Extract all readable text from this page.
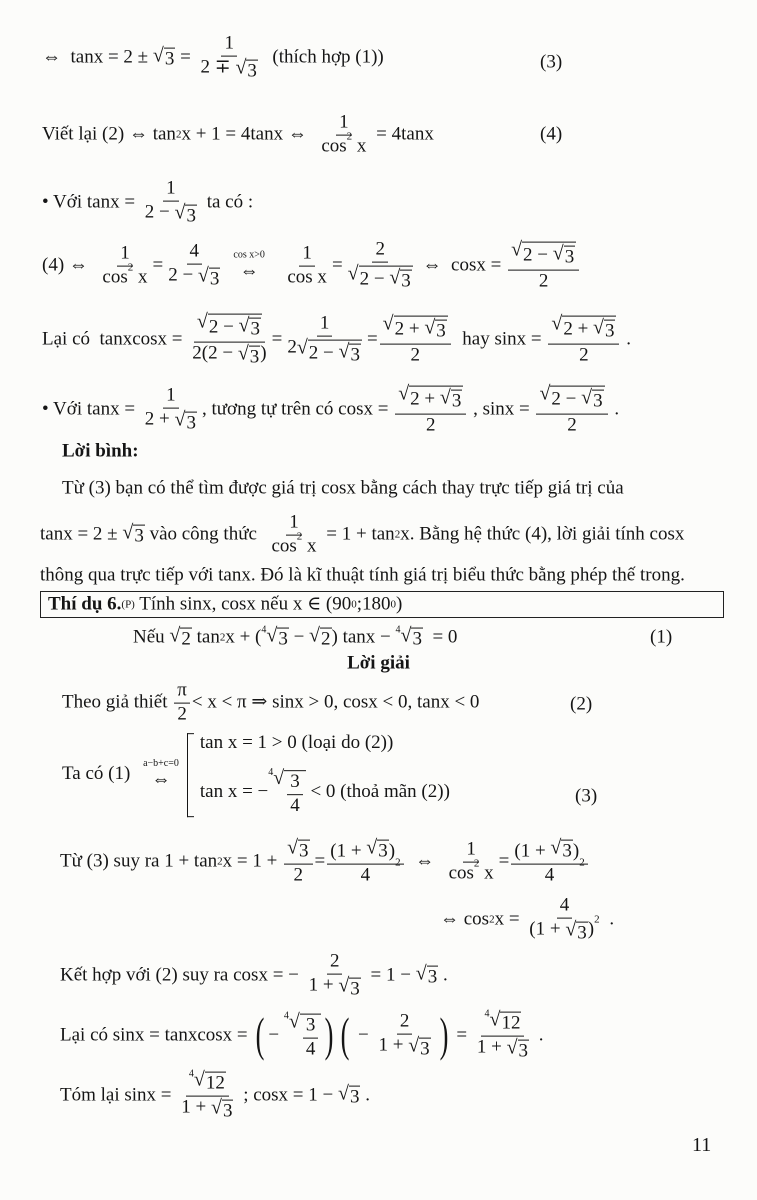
⇔  tanx = 2 ± √ $3 = \frac{1}{2 \mp √ 3}$ (thích hợp (1))	(3)
Viết lại (2) ⇔ tan 2 x + 1 = 4tanx ⇔ $\frac{1}{\cos 2 x} = 4\tan x$	(4)
• Với $\tan x = \frac{1}{2 - √ 3}$ ta có :
(4) ⇔ $\frac{1}{\cos 2 x} = \frac{4}{2 - √ 3}$ cos x>0
⇔
$\frac{1}{\text{cos x}} = \frac{2}{√ 2 - √ 3}$ ⇔  $\cos x = \frac{√ 2 - √ 3}{2}$
Lại có  tanxcosx = $\frac{√ 2 - √ 3}{2(2 - √ 3 )} = \frac{1}{2 √ 2 - √ 3} = \frac{√ 2 + √ 3}{2}$ hay $\sin x = \frac{√ 2 + √ 3}{2}$ .
• Với $\tan x = \frac{1}{2 + √ 3}$ , tương tự trên có $\cos x = \frac{√ 2 + √ 3}{2}$ , $\sin x = \frac{√ 2 - √ 3}{2}$ .
Lời bình:
Từ (3) bạn có thể tìm được giá trị cosx bằng cách thay trực tiếp giá trị của
tanx = 2 ± √ 3 vào công thức $\frac{1}{\cos 2 x} = 1 + \tan 2$ x. Bằng hệ thức (4), lời giải tính cosx
thông qua trực tiếp với tanx. Đó là kĩ thuật tính giá trị biểu thức bằng phép thế trong.
Thí dụ 6. (P) Tính sinx, cosx nếu x ∈ (90 0 ;180 0 )
Nếu √ 2 tan 2 x + ( 4 √ 3 − √ 2 ) tanx − 4 √ 3 = 0	(1)
Lời giải
Theo giả thiết $\frac{\pi}{2} < x < \pi$ ⇒ sinx > 0, cosx < 0, tanx < 0	(2)
Ta có (1) a−b+c=0
⇔
tan x = 1 > 0 (loại do (2))
tan x = −
4 √ $\frac{3}{4} < 0$ (thoả mãn (2))	(3)
Từ (3) suy ra 1 + tan 2 $x = 1 + \frac{√ 3}{2} = (1$ + √ 3 )
2
4 ⇔ $\frac{1}{\cos 2 x} = (1$ + √ 3 )
2
4
⇔ cos 2 $x = \frac{4}{(1 + √ 3 ) 2}$ .
Kết hợp với (2) suy ra cosx = − $\frac{2}{1 + √ 3} = 1$ − √ 3 .
Lại có sinx = tanxcosx = ( −
4 √ $\frac{3}{4}$ ) ( − $\frac{2}{1 + √ 3}$ ) = $\frac{4 √ 12}{1 + √ 3}$ .
Tóm lại $\sin x = \frac{4 √ 12}{1 + √ 3}$ ; cosx = 1 − √ 3 .
11
